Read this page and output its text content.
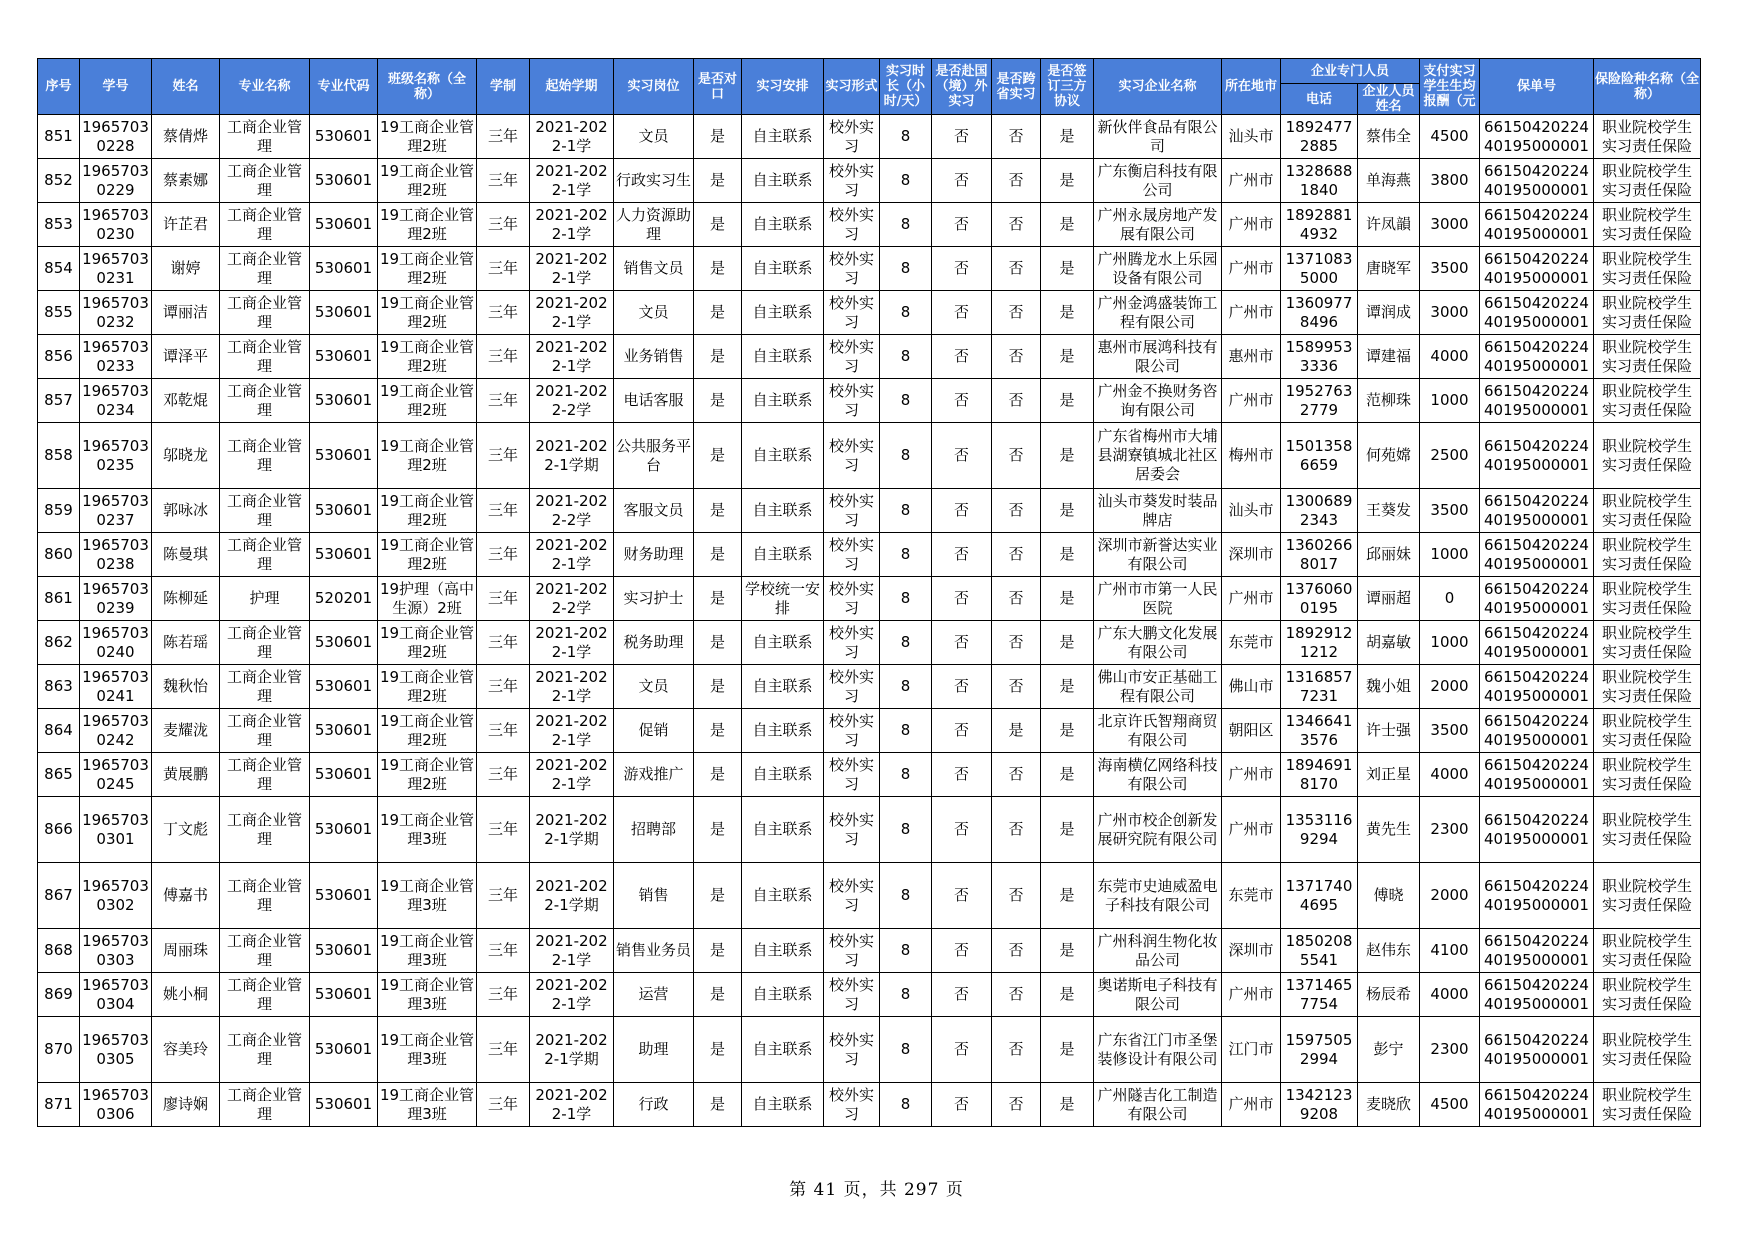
序号	学号	姓名	专业名称	专业代码	班级名称（全称）	学制	起始学期	实习岗位	是否对口	实习安排	实习形式	实习时长（小时/天）	是否赴国（境）外实习	是否跨省实习	是否签订三方协议	实习企业名称	所在地市	企业专门人员		支付实习学生生均报酬（元	保单号	保险险种名称（全称）
																		电话	企业人员姓名			

851	19657030228	蔡倩烨	工商企业管理	530601	19工商企业管理2班	三年	2021-2022-1学	文员	是	自主联系	校外实习	8	否	否	是	新伙伴食品有限公司	汕头市	18924772885	蔡伟全	4500	6615042022440195000001	职业院校学生实习责任保险

852	19657030229	蔡素娜	工商企业管理	530601	19工商企业管理2班	三年	2021-2022-1学	行政实习生	是	自主联系	校外实习	8	否	否	是	广东衡启科技有限公司	广州市	13286881840	单海燕	3800	6615042022440195000001	职业院校学生实习责任保险

853	19657030230	许芷君	工商企业管理	530601	19工商企业管理2班	三年	2021-2022-1学	人力资源助理	是	自主联系	校外实习	8	否	否	是	广州永晟房地产发展有限公司	广州市	18928814932	许凤韻	3000	6615042022440195000001	职业院校学生实习责任保险

854	19657030231	谢婷	工商企业管理	530601	19工商企业管理2班	三年	2021-2022-1学	销售文员	是	自主联系	校外实习	8	否	否	是	广州腾龙水上乐园设备有限公司	广州市	13710835000	唐晓军	3500	6615042022440195000001	职业院校学生实习责任保险

855	19657030232	谭丽洁	工商企业管理	530601	19工商企业管理2班	三年	2021-2022-1学	文员	是	自主联系	校外实习	8	否	否	是	广州金鸿盛装饰工程有限公司	广州市	13609778496	谭润成	3000	6615042022440195000001	职业院校学生实习责任保险

856	19657030233	谭泽平	工商企业管理	530601	19工商企业管理2班	三年	2021-2022-1学	业务销售	是	自主联系	校外实习	8	否	否	是	惠州市展鸿科技有限公司	惠州市	15899533336	谭建福	4000	6615042022440195000001	职业院校学生实习责任保险

857	19657030234	邓乾焜	工商企业管理	530601	19工商企业管理2班	三年	2021-2022-2学	电话客服	是	自主联系	校外实习	8	否	否	是	广州金不换财务咨询有限公司	广州市	19527632779	范柳珠	1000	6615042022440195000001	职业院校学生实习责任保险

858	19657030235	邬晓龙	工商企业管理	530601	19工商企业管理2班	三年	2021-2022-1学期	公共服务平台	是	自主联系	校外实习	8	否	否	是	广东省梅州市大埔县湖寮镇城北社区居委会	梅州市	15013586659	何苑嫦	2500	6615042022440195000001	职业院校学生实习责任保险

859	19657030237	郭咏冰	工商企业管理	530601	19工商企业管理2班	三年	2021-2022-2学	客服文员	是	自主联系	校外实习	8	否	否	是	汕头市葵发时装品牌店	汕头市	13006892343	王葵发	3500	6615042022440195000001	职业院校学生实习责任保险

860	19657030238	陈曼琪	工商企业管理	530601	19工商企业管理2班	三年	2021-2022-1学	财务助理	是	自主联系	校外实习	8	否	否	是	深圳市新誉达实业有限公司	深圳市	13602668017	邱丽妹	1000	6615042022440195000001	职业院校学生实习责任保险

861	19657030239	陈柳延	护理	520201	19护理（高中生源）2班	三年	2021-2022-2学	实习护士	是	学校统一安排	校外实习	8	否	否	是	广州市市第一人民医院	广州市	13760600195	谭丽超	0	6615042022440195000001	职业院校学生实习责任保险

862	19657030240	陈若瑶	工商企业管理	530601	19工商企业管理2班	三年	2021-2022-1学	税务助理	是	自主联系	校外实习	8	否	否	是	广东大鹏文化发展有限公司	东莞市	18929121212	胡嘉敏	1000	6615042022440195000001	职业院校学生实习责任保险

863	19657030241	魏秋怡	工商企业管理	530601	19工商企业管理2班	三年	2021-2022-1学	文员	是	自主联系	校外实习	8	否	否	是	佛山市安正基础工程有限公司	佛山市	13168577231	魏小姐	2000	6615042022440195000001	职业院校学生实习责任保险

864	19657030242	麦耀泷	工商企业管理	530601	19工商企业管理2班	三年	2021-2022-1学	促销	是	自主联系	校外实习	8	否	是	是	北京许氏智翔商贸有限公司	朝阳区	13466413576	许士强	3500	6615042022440195000001	职业院校学生实习责任保险

865	19657030245	黄展鹏	工商企业管理	530601	19工商企业管理2班	三年	2021-2022-1学	游戏推广	是	自主联系	校外实习	8	否	否	是	海南横亿网络科技有限公司	广州市	18946918170	刘正星	4000	6615042022440195000001	职业院校学生实习责任保险

866	19657030301	丁文彪	工商企业管理	530601	19工商企业管理3班	三年	2021-2022-1学期	招聘部	是	自主联系	校外实习	8	否	否	是	广州市校企创新发展研究院有限公司	广州市	13531169294	黄先生	2300	6615042022440195000001	职业院校学生实习责任保险

867	19657030302	傅嘉书	工商企业管理	530601	19工商企业管理3班	三年	2021-2022-1学期	销售	是	自主联系	校外实习	8	否	否	是	东莞市史迪威盈电子科技有限公司	东莞市	13717404695	傅晓	2000	6615042022440195000001	职业院校学生实习责任保险

868	19657030303	周丽珠	工商企业管理	530601	19工商企业管理3班	三年	2021-2022-1学	销售业务员	是	自主联系	校外实习	8	否	否	是	广州科润生物化妆品公司	深圳市	18502085541	赵伟东	4100	6615042022440195000001	职业院校学生实习责任保险

869	19657030304	姚小桐	工商企业管理	530601	19工商企业管理3班	三年	2021-2022-1学	运营	是	自主联系	校外实习	8	否	否	是	奥诺斯电子科技有限公司	广州市	13714657754	杨辰希	4000	6615042022440195000001	职业院校学生实习责任保险

870	19657030305	容美玲	工商企业管理	530601	19工商企业管理3班	三年	2021-2022-1学期	助理	是	自主联系	校外实习	8	否	否	是	广东省江门市圣堡装修设计有限公司	江门市	15975052994	彭宁	2300	6615042022440195000001	职业院校学生实习责任保险

871	19657030306	廖诗娴	工商企业管理	530601	19工商企业管理3班	三年	2021-2022-1学	行政	是	自主联系	校外实习	8	否	否	是	广州隧吉化工制造有限公司	广州市	13421239208	麦晓欣	4500	6615042022440195000001	职业院校学生实习责任保险
第 41 页，共 297 页
